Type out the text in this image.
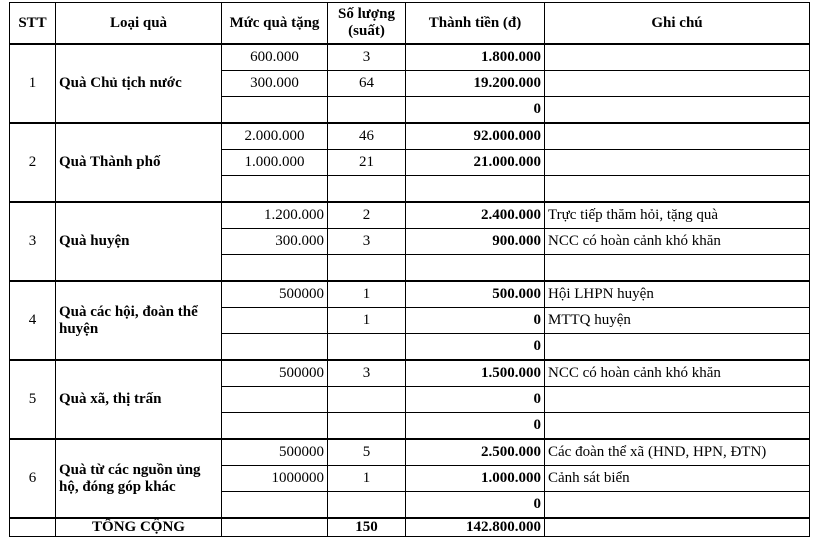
STT	Loại quà	Mức quà tặng	Số lượng (suất)	Thành tiền (đ)	Ghi chú
1	Quà Chủ tịch nước	600.000	3	1.800.000	
		300.000	64	19.200.000	
				0	
2	Quà Thành phố	2.000.000	46	92.000.000	
		1.000.000	21	21.000.000	

3	Quà huyện	1.200.000	2	2.400.000	Trực tiếp thăm hỏi, tặng quà
		300.000	3	900.000	NCC có hoàn cảnh khó khăn

4	Quà các hội, đoàn thể huyện	500000	1	500.000	Hội LHPN huyện
			1	0	MTTQ huyện
				0	
5	Quà xã, thị trấn	500000	3	1.500.000	NCC có hoàn cảnh khó khăn
				0	
				0	
6	Quà từ các nguồn ủng hộ, đóng góp khác	500000	5	2.500.000	Các đoàn thể xã (HND, HPN, ĐTN)
		1000000	1	1.000.000	Cảnh sát biển
				0	
	TỔNG CỘNG		150	142.800.000	
